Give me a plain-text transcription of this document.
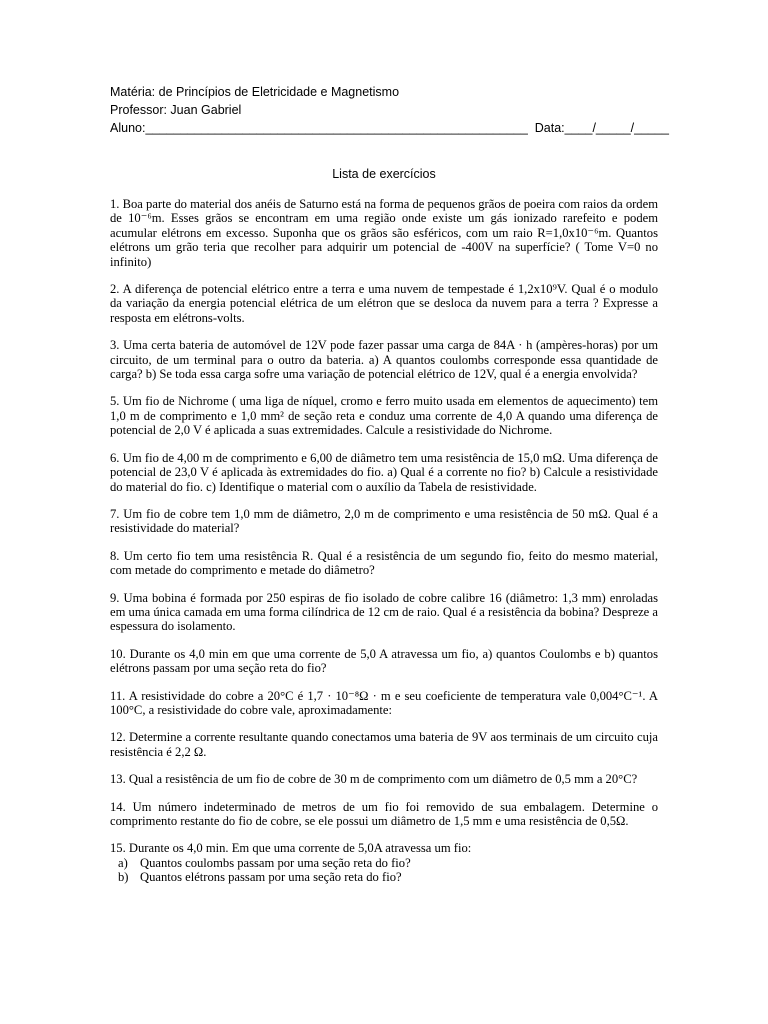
Matéria: de Princípios de Eletricidade e Magnetismo
Professor: Juan Gabriel
Aluno:_______________________________________________________ Data:____/_____/_____
Lista de exercícios

1. Boa parte do material dos anéis de Saturno está na forma de pequenos grãos de poeira com raios da ordem de 10⁻⁶m. Esses grãos se encontram em uma região onde existe um gás ionizado rarefeito e podem acumular elétrons em excesso. Suponha que os grãos são esféricos, com um raio R=1,0x10⁻⁶m. Quantos elétrons um grão teria que recolher para adquirir um potencial de -400V na superfície? ( Tome V=0 no infinito)

2. A diferença de potencial elétrico entre a terra e uma nuvem de tempestade é 1,2x10⁹V. Qual é o modulo da variação da energia potencial elétrica de um elétron que se desloca da nuvem para a terra ? Expresse a resposta em elétrons-volts.

3. Uma certa bateria de automóvel de 12V pode fazer passar uma carga de 84A · h (ampères-horas) por um circuito, de um terminal para o outro da bateria. a) A quantos coulombs corresponde essa quantidade de carga? b) Se toda essa carga sofre uma variação de potencial elétrico de 12V, qual é a energia envolvida?

5. Um fio de Nichrome ( uma liga de níquel, cromo e ferro muito usada em elementos de aquecimento) tem 1,0 m de comprimento e 1,0 mm² de seção reta e conduz uma corrente de 4,0 A quando uma diferença de potencial de 2,0 V é aplicada a suas extremidades. Calcule a resistividade do Nichrome.

6. Um fio de 4,00 m de comprimento e 6,00 de diâmetro tem uma resistência de 15,0 mΩ. Uma diferença de potencial de 23,0 V é aplicada às extremidades do fio. a) Qual é a corrente no fio? b) Calcule a resistividade do material do fio. c) Identifique o material com o auxílio da Tabela de resistividade.

7. Um fio de cobre tem 1,0 mm de diâmetro, 2,0 m de comprimento e uma resistência de 50 mΩ. Qual é a resistividade do material?

8. Um certo fio tem uma resistência R. Qual é a resistência de um segundo fio, feito do mesmo material, com metade do comprimento e metade do diâmetro?

9. Uma bobina é formada por 250 espiras de fio isolado de cobre calibre 16 (diâmetro: 1,3 mm) enroladas em uma única camada em uma forma cilíndrica de 12 cm de raio. Qual é a resistência da bobina? Despreze a espessura do isolamento.

10. Durante os 4,0 min em que uma corrente de 5,0 A atravessa um fio, a) quantos Coulombs e b) quantos elétrons passam por uma seção reta do fio?

11. A resistividade do cobre a 20°C é 1,7 · 10⁻⁸Ω · m e seu coeficiente de temperatura vale 0,004°C⁻¹. A 100°C, a resistividade do cobre vale, aproximadamente:

12. Determine a corrente resultante quando conectamos uma bateria de 9V aos terminais de um circuito cuja resistência é 2,2 Ω.

13. Qual a resistência de um fio de cobre de 30 m de comprimento com um diâmetro de 0,5 mm a 20°C?

14. Um número indeterminado de metros de um fio foi removido de sua embalagem. Determine o comprimento restante do fio de cobre, se ele possui um diâmetro de 1,5 mm e uma resistência de 0,5Ω.

15. Durante os 4,0 min. Em que uma corrente de 5,0A atravessa um fio:

a) Quantos coulombs passam por uma seção reta do fio?
b) Quantos elétrons passam por uma seção reta do fio?
